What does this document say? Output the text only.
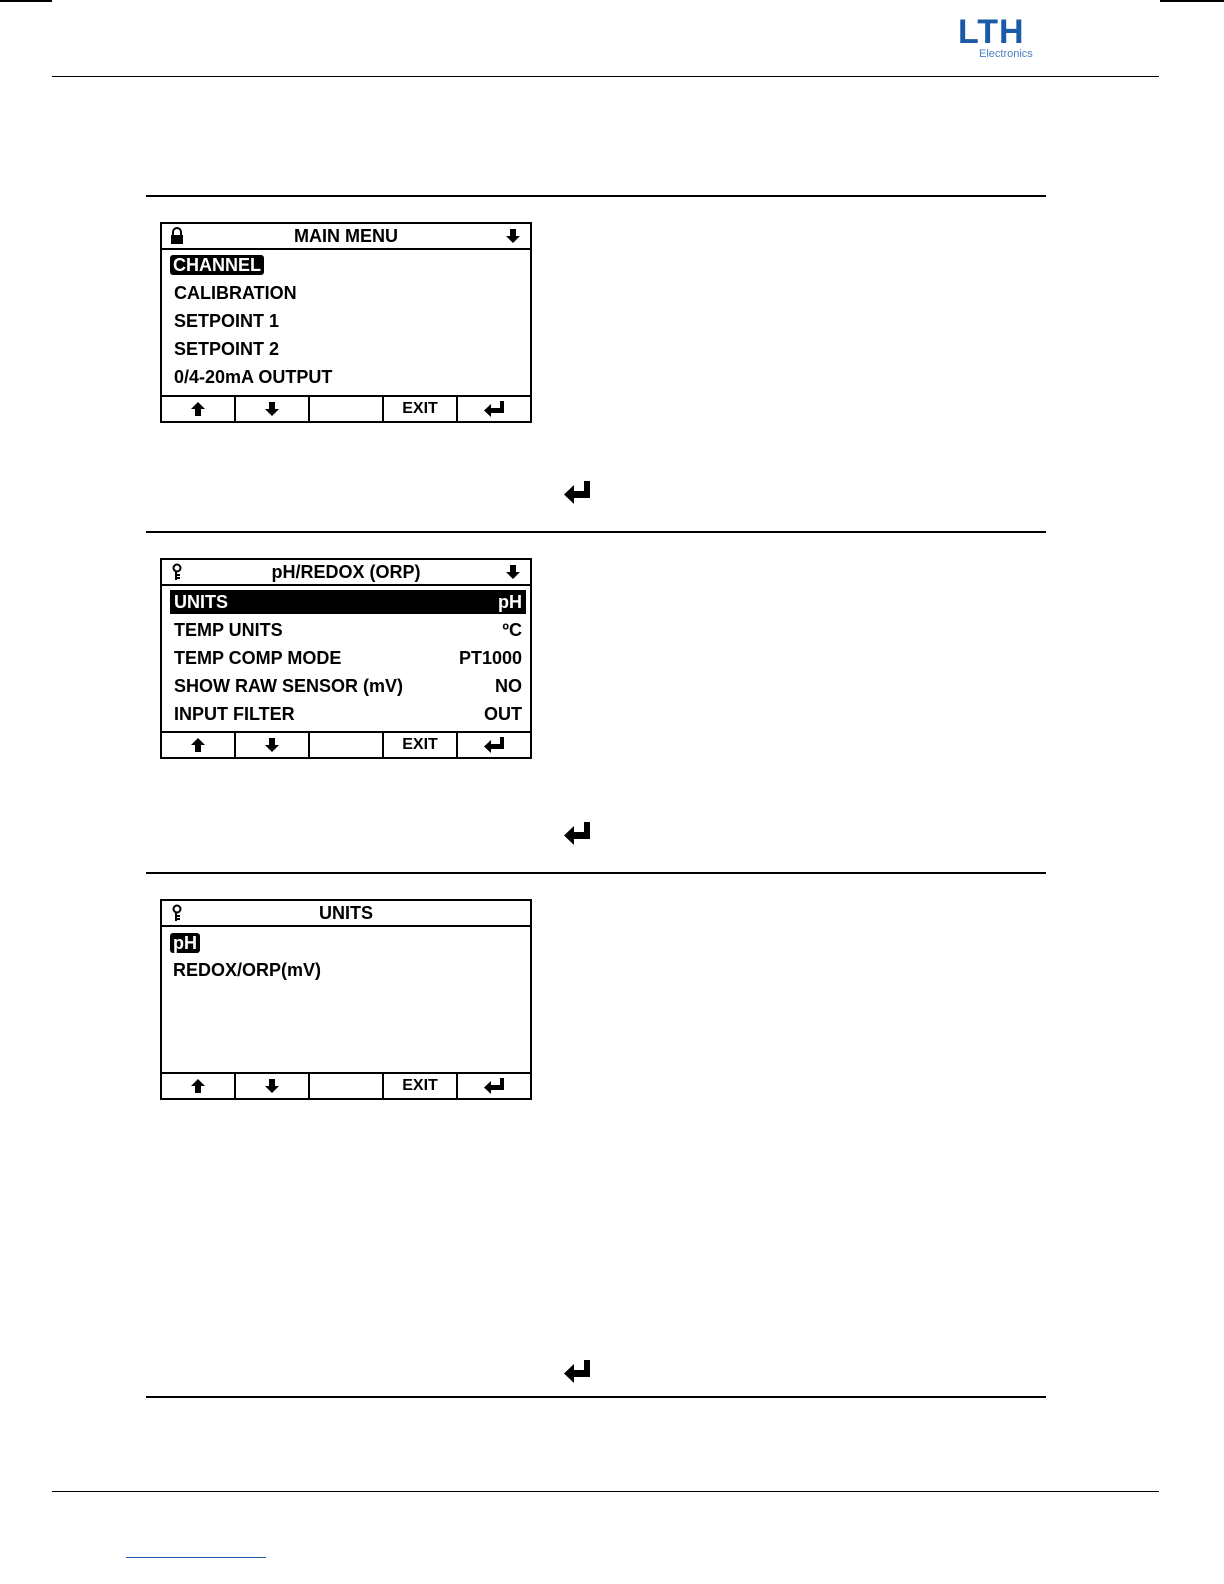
LTH
Electronics
MAIN MENU
CHANNEL
CALIBRATION
SETPOINT 1
SETPOINT 2
0/4-20mA OUTPUT
EXIT
pH/REDOX (ORP)
UNITS	pH
TEMP UNITS	ºC
TEMP COMP MODE	PT1000
SHOW RAW SENSOR (mV)	NO
INPUT FILTER	OUT
EXIT
UNITS
pH
REDOX/ORP(mV)
EXIT
